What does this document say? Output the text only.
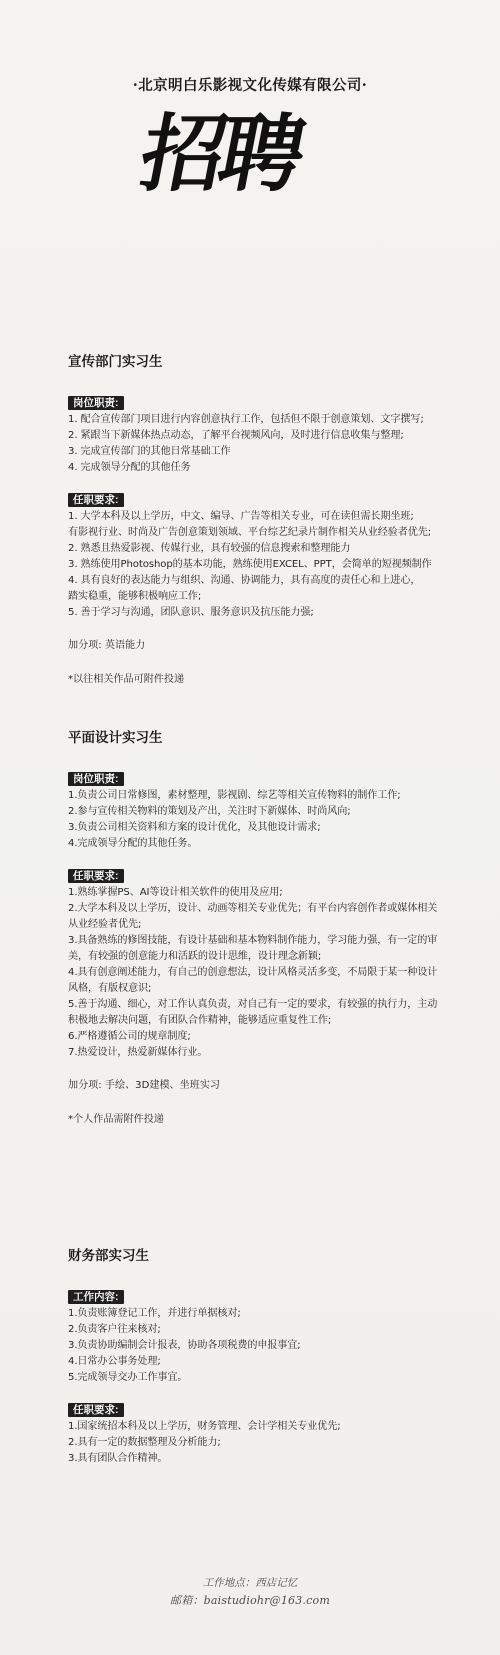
·北京明白乐影视文化传媒有限公司·
招聘
宣传部门实习生
岗位职责:
1. 配合宣传部门项目进行内容创意执行工作，包括但不限于创意策划、文字撰写;
2. 紧跟当下新媒体热点动态，了解平台视频风向，及时进行信息收集与整理;
3. 完成宣传部门的其他日常基础工作
4. 完成领导分配的其他任务
任职要求:
1. 大学本科及以上学历，中文、编导、广告等相关专业，可在读但需长期坐班;
有影视行业、时尚及广告创意策划领域、平台综艺纪录片制作相关从业经验者优先;
2. 熟悉且热爱影视、传媒行业，具有较强的信息搜索和整理能力
3. 熟练使用Photoshop的基本功能，熟练使用EXCEL、PPT，会简单的短视频制作
4. 具有良好的表达能力与组织、沟通、协调能力，具有高度的责任心和上进心，
踏实稳重，能够积极响应工作;
5. 善于学习与沟通，团队意识、服务意识及抗压能力强;
加分项: 英语能力
*以往相关作品可附件投递
平面设计实习生
岗位职责:
1.负责公司日常修图，素材整理，影视剧、综艺等相关宣传物料的制作工作;
2.参与宣传相关物料的策划及产出，关注时下新媒体、时尚风向;
3.负责公司相关资料和方案的设计优化，及其他设计需求;
4.完成领导分配的其他任务。
任职要求:
1.熟练掌握PS、AI等设计相关软件的使用及应用;
2.大学本科及以上学历，设计、动画等相关专业优先；有平台内容创作者或媒体相关
从业经验者优先;
3.具备熟练的修图技能，有设计基础和基本物料制作能力，学习能力强，有一定的审
美，有较强的创意能力和活跃的设计思维，设计理念新颖;
4.具有创意阐述能力，有自己的创意想法，设计风格灵活多变，不局限于某一种设计
风格，有版权意识;
5.善于沟通、细心，对工作认真负责，对自己有一定的要求，有较强的执行力，主动
积极地去解决问题，有团队合作精神，能够适应重复性工作;
6.严格遵循公司的规章制度;
7.热爱设计，热爱新媒体行业。
加分项: 手绘、3D建模、坐班实习
*个人作品需附件投递
财务部实习生
工作内容:
1.负责账簿登记工作，并进行单据核对;
2.负责客户往来核对;
3.负责协助编制会计报表，协助各项税费的申报事宜;
4.日常办公事务处理;
5.完成领导交办工作事宜。
任职要求:
1.国家统招本科及以上学历，财务管理、会计学相关专业优先;
2.具有一定的数据整理及分析能力;
3.具有团队合作精神。
工作地点：西店记忆
邮箱：baistudiohr@163.com
